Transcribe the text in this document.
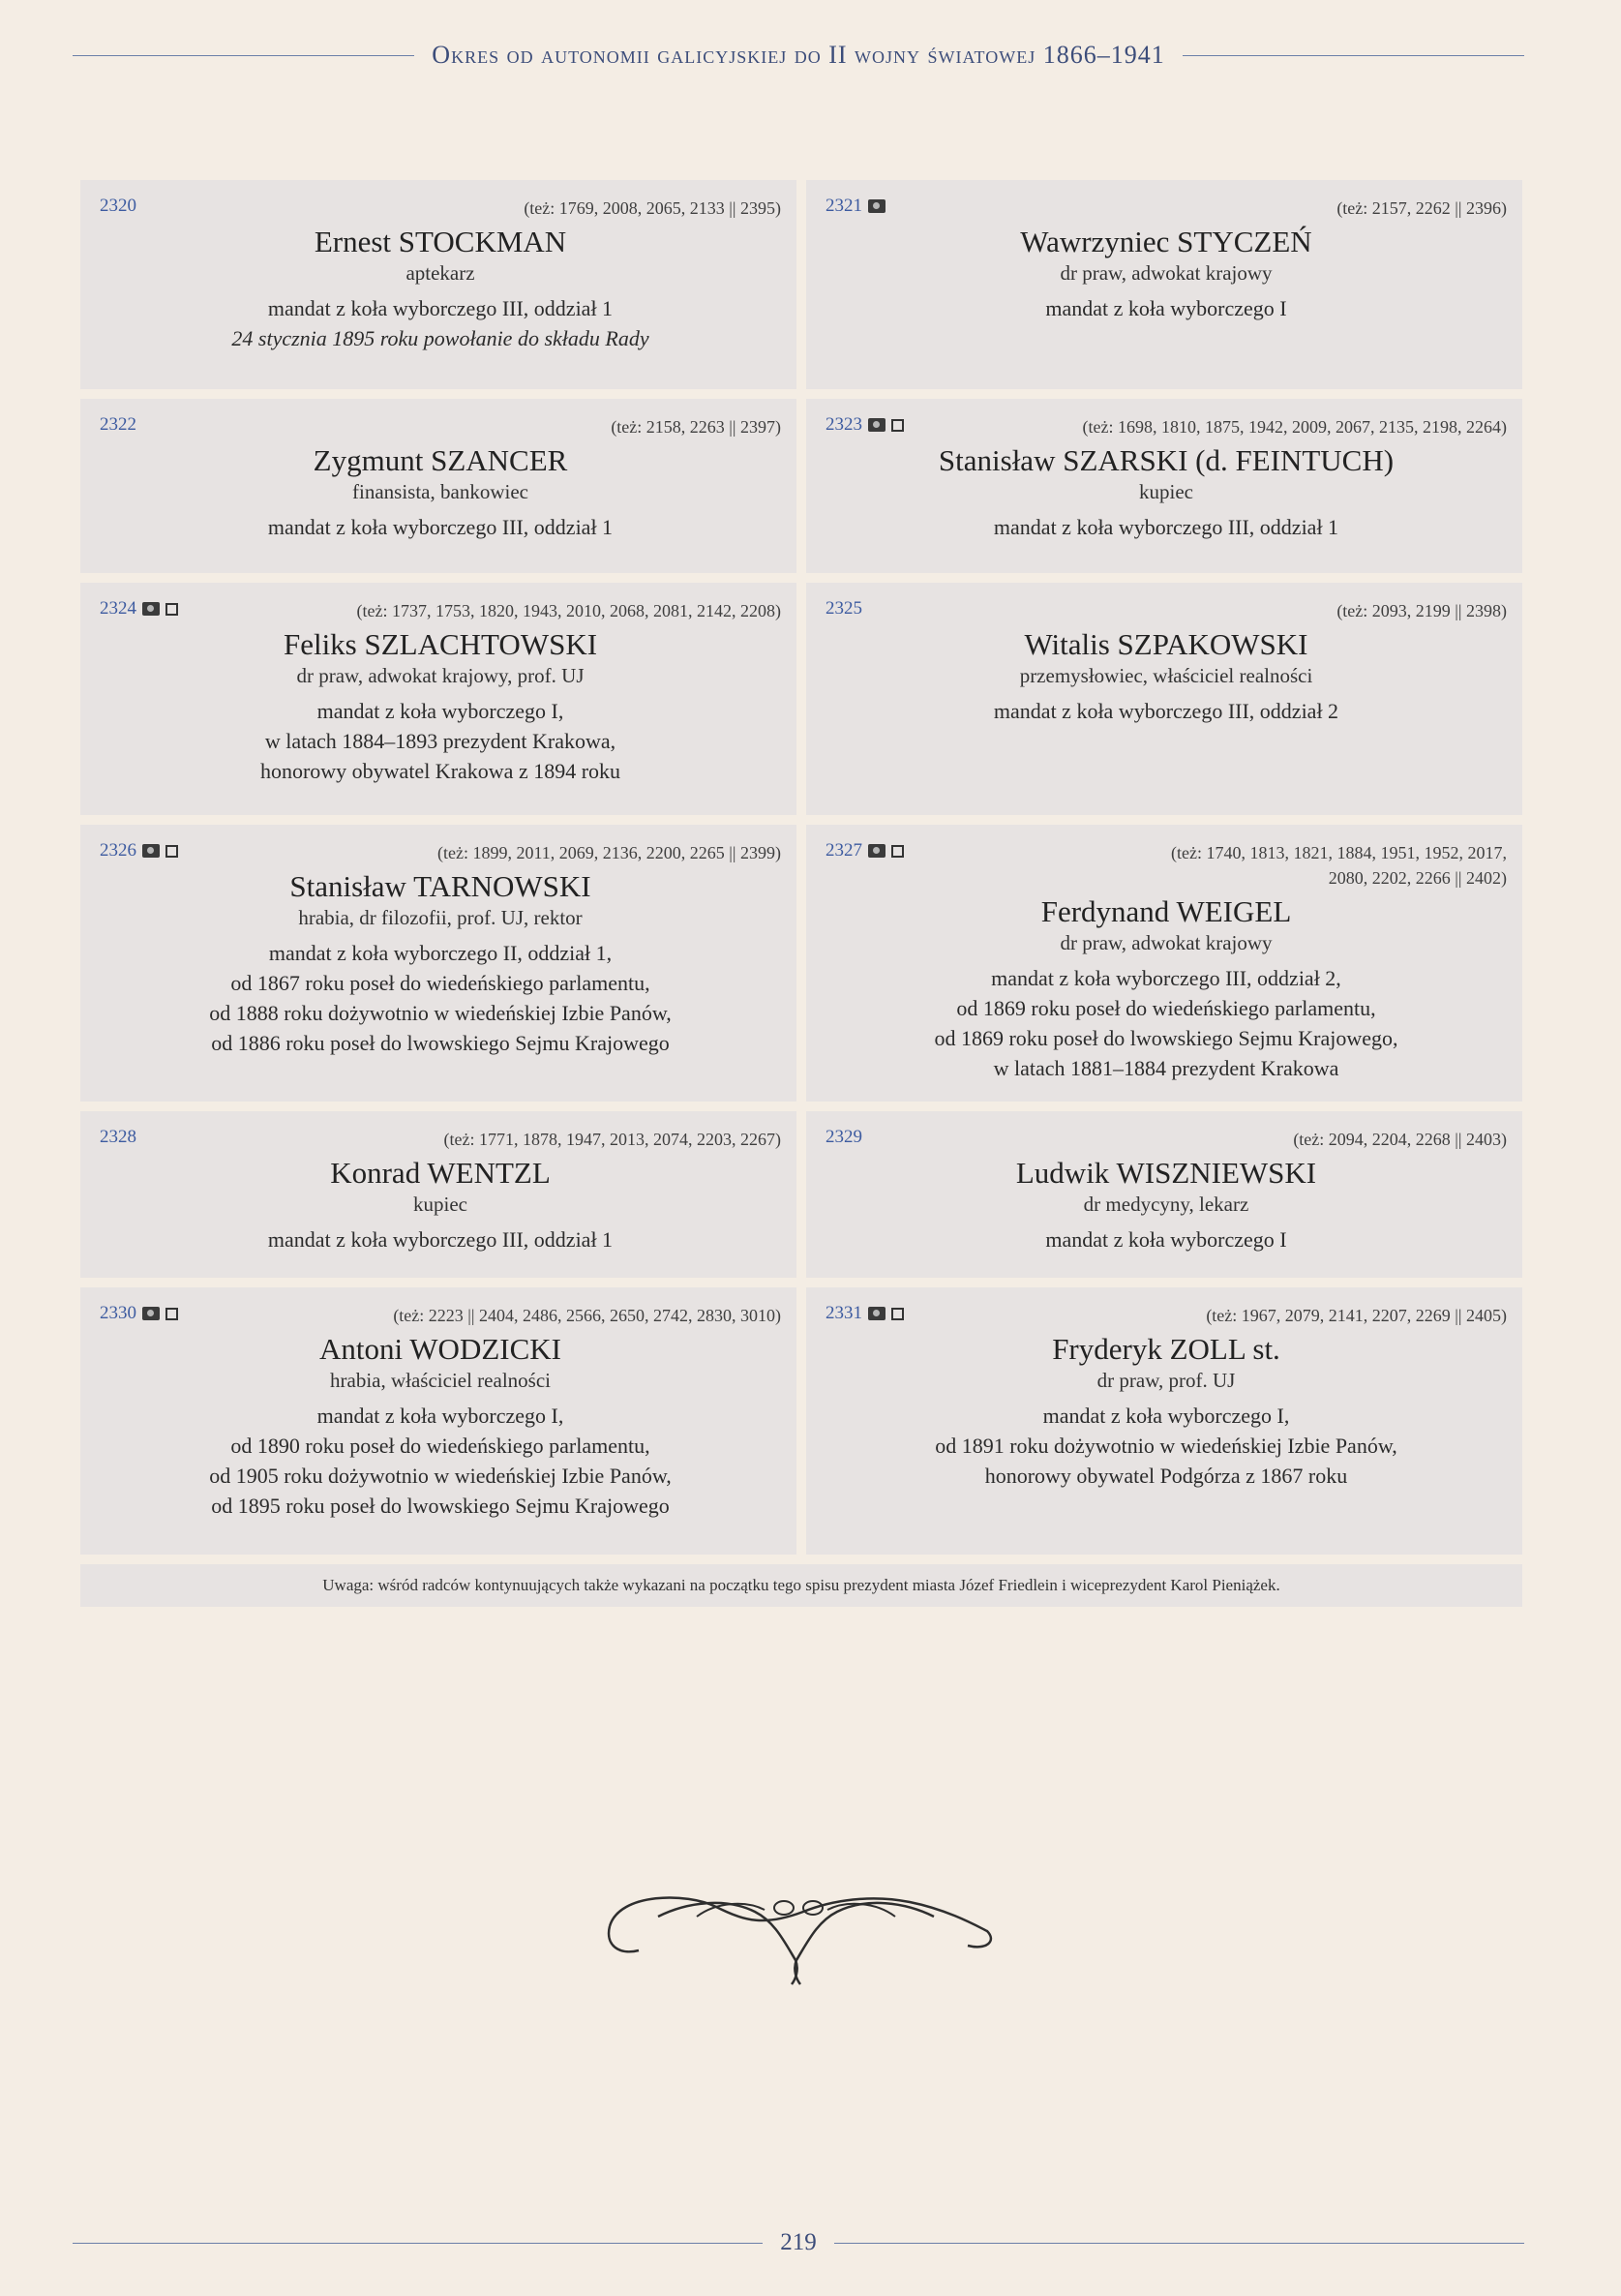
Okres od autonomii galicyjskiej do II wojny światowej 1866–1941
2320	(też: 1769, 2008, 2065, 2133 || 2395)
Ernest STOCKMAN
aptekarz
mandat z koła wyborczego III, oddział 1
24 stycznia 1895 roku powołanie do składu Rady
2321	(też: 2157, 2262 || 2396)
Wawrzyniec STYCZEŃ
dr praw, adwokat krajowy
mandat z koła wyborczego I
2322	(też: 2158, 2263 || 2397)
Zygmunt SZANCER
finansista, bankowiec
mandat z koła wyborczego III, oddział 1
2323	(też: 1698, 1810, 1875, 1942, 2009, 2067, 2135, 2198, 2264)
Stanisław SZARSKI (d. FEINTUCH)
kupiec
mandat z koła wyborczego III, oddział 1
2324	(też: 1737, 1753, 1820, 1943, 2010, 2068, 2081, 2142, 2208)
Feliks SZLACHTOWSKI
dr praw, adwokat krajowy, prof. UJ
mandat z koła wyborczego I,
w latach 1884–1893 prezydent Krakowa,
honorowy obywatel Krakowa z 1894 roku
2325	(też: 2093, 2199 || 2398)
Witalis SZPAKOWSKI
przemysłowiec, właściciel realności
mandat z koła wyborczego III, oddział 2
2326	(też: 1899, 2011, 2069, 2136, 2200, 2265 || 2399)
Stanisław TARNOWSKI
hrabia, dr filozofii, prof. UJ, rektor
mandat z koła wyborczego II, oddział 1,
od 1867 roku poseł do wiedeńskiego parlamentu,
od 1888 roku dożywotnio w wiedeńskiej Izbie Panów,
od 1886 roku poseł do lwowskiego Sejmu Krajowego
2327	(też: 1740, 1813, 1821, 1884, 1951, 1952, 2017, 2080, 2202, 2266 || 2402)
Ferdynand WEIGEL
dr praw, adwokat krajowy
mandat z koła wyborczego III, oddział 2,
od 1869 roku poseł do wiedeńskiego parlamentu,
od 1869 roku poseł do lwowskiego Sejmu Krajowego,
w latach 1881–1884 prezydent Krakowa
2328	(też: 1771, 1878, 1947, 2013, 2074, 2203, 2267)
Konrad WENTZL
kupiec
mandat z koła wyborczego III, oddział 1
2329	(też: 2094, 2204, 2268 || 2403)
Ludwik WISZNIEWSKI
dr medycyny, lekarz
mandat z koła wyborczego I
2330	(też: 2223 || 2404, 2486, 2566, 2650, 2742, 2830, 3010)
Antoni WODZICKI
hrabia, właściciel realności
mandat z koła wyborczego I,
od 1890 roku poseł do wiedeńskiego parlamentu,
od 1905 roku dożywotnio w wiedeńskiej Izbie Panów,
od 1895 roku poseł do lwowskiego Sejmu Krajowego
2331	(też: 1967, 2079, 2141, 2207, 2269 || 2405)
Fryderyk ZOLL st.
dr praw, prof. UJ
mandat z koła wyborczego I,
od 1891 roku dożywotnio w wiedeńskiej Izbie Panów,
honorowy obywatel Podgórza z 1867 roku
Uwaga: wśród radców kontynuujących także wykazani na początku tego spisu prezydent miasta Józef Friedlein i wiceprezydent Karol Pieniążek.
219
